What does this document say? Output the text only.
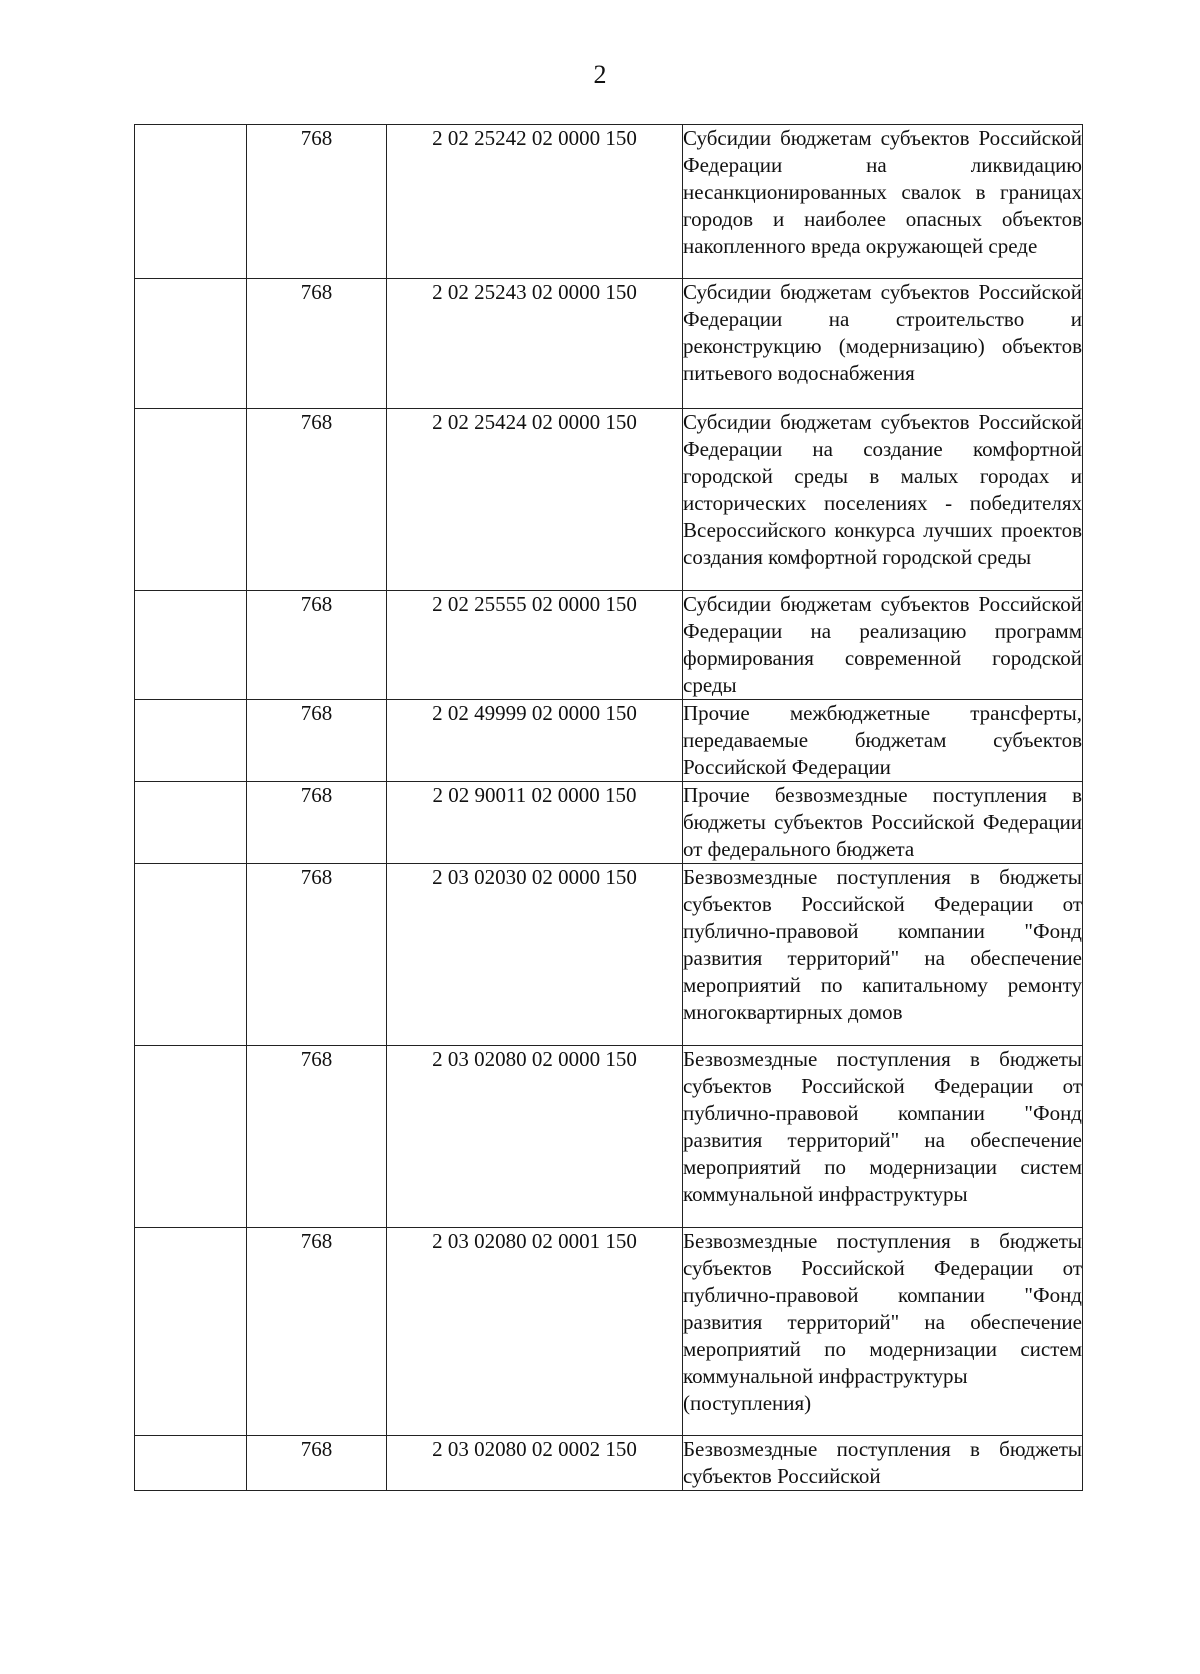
2
	768	2 02 25242 02 0000 150	Субсидии бюджетам субъектов Российской Федерации на ликвидацию несанкционированных свалок в границах городов и наиболее опасных объектов накопленного вреда окружающей среде
	768	2 02 25243 02 0000 150	Субсидии бюджетам субъектов Российской Федерации на строительство и реконструкцию (модернизацию) объектов питьевого водоснабжения
	768	2 02 25424 02 0000 150	Субсидии бюджетам субъектов Российской Федерации на создание комфортной городской среды в малых городах и исторических поселениях - победителях Всероссийского конкурса лучших проектов создания комфортной городской среды
	768	2 02 25555 02 0000 150	Субсидии бюджетам субъектов Российской Федерации на реализацию программ формирования современной городской среды
	768	2 02 49999 02 0000 150	Прочие межбюджетные трансферты, передаваемые бюджетам субъектов Российской Федерации
	768	2 02 90011 02 0000 150	Прочие безвозмездные поступления в бюджеты субъектов Российской Федерации от федерального бюджета
	768	2 03 02030 02 0000 150	Безвозмездные поступления в бюджеты субъектов Российской Федерации от публично-правовой компании "Фонд развития территорий" на обеспечение мероприятий по капитальному ремонту многоквартирных домов
	768	2 03 02080 02 0000 150	Безвозмездные поступления в бюджеты субъектов Российской Федерации от публично-правовой компании "Фонд развития территорий" на обеспечение мероприятий по модернизации систем коммунальной инфраструктуры
	768	2 03 02080 02 0001 150	Безвозмездные поступления в бюджеты субъектов Российской Федерации от публично-правовой компании "Фонд развития территорий" на обеспечение мероприятий по модернизации систем коммунальной инфраструктуры
(поступления)
	768	2 03 02080 02 0002 150	Безвозмездные поступления в бюджеты субъектов Российской
